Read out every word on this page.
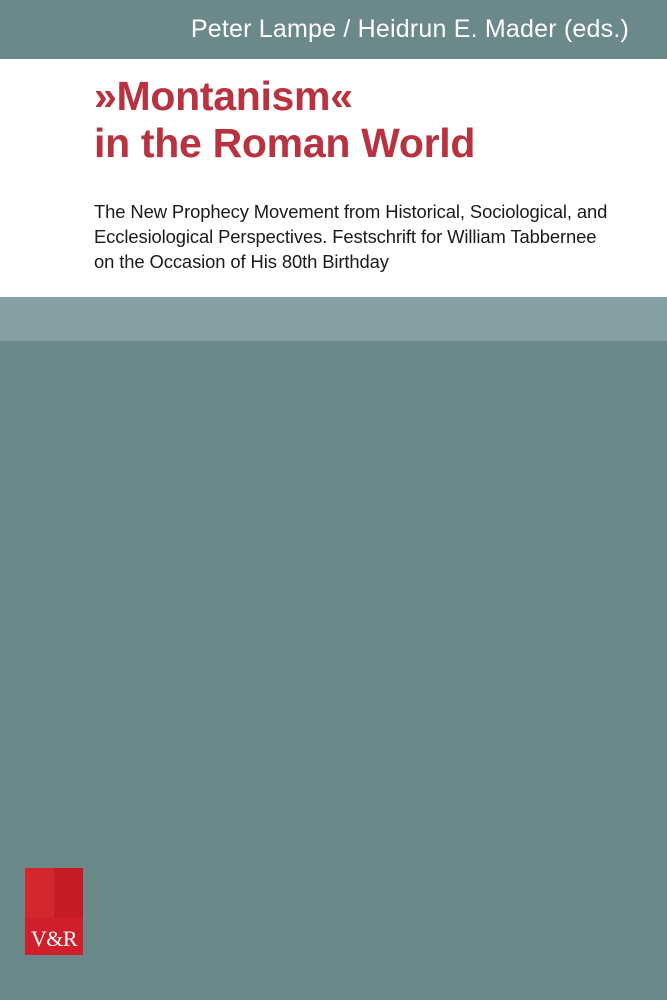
Peter Lampe / Heidrun E. Mader (eds.)
»Montanism«
in the Roman World

The New Prophecy Movement from Historical, Sociological, and
Ecclesiological Perspectives. Festschrift for William Tabbernee
on the Occasion of His 80th Birthday

V&R
